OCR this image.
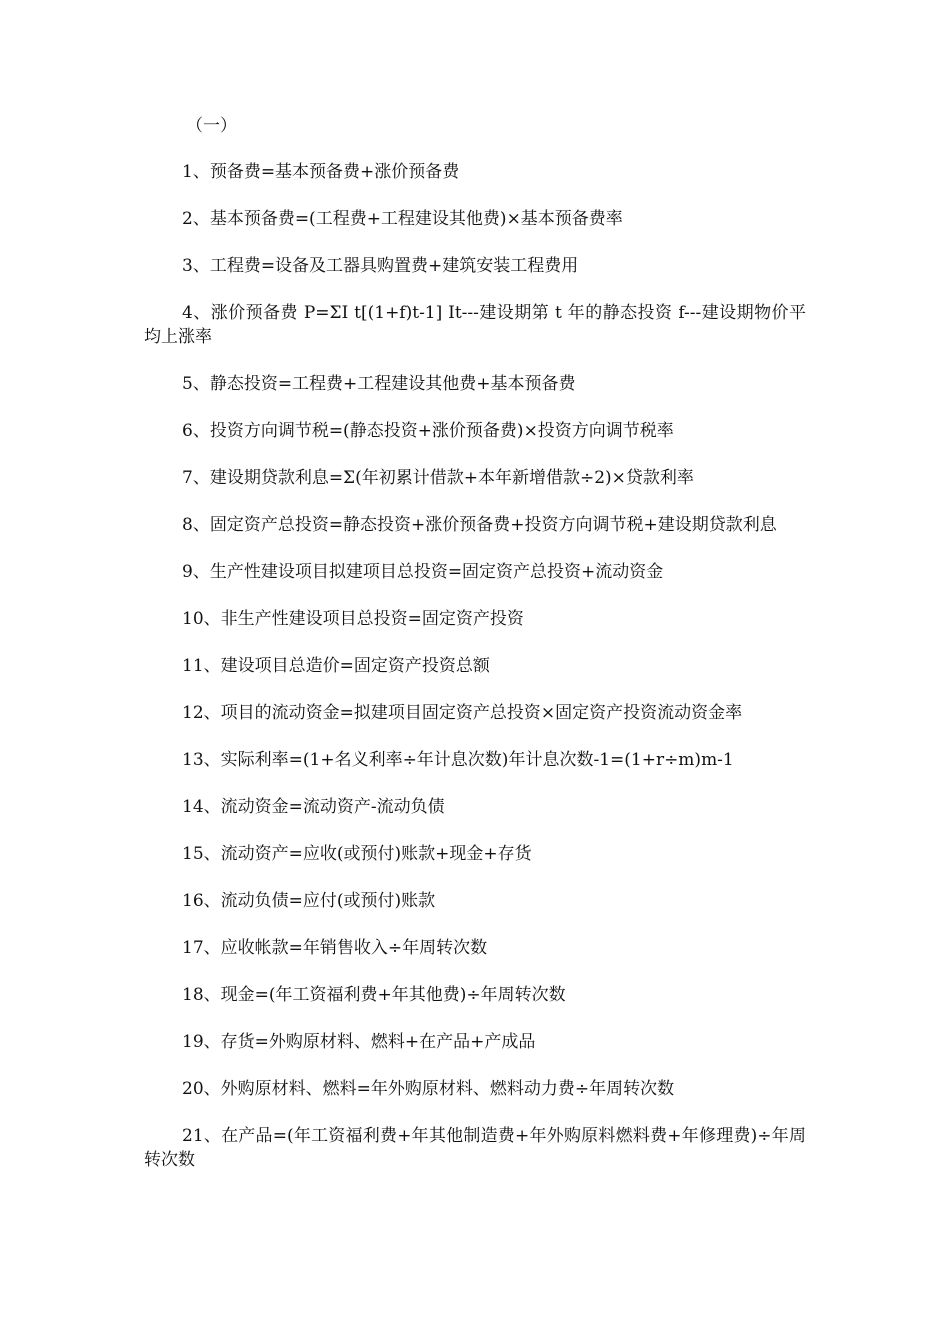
（一）

1、预备费=基本预备费+涨价预备费

2、基本预备费=(工程费+工程建设其他费)×基本预备费率

3、工程费=设备及工器具购置费+建筑安装工程费用

4、涨价预备费 P=ΣI t[(1+f)t-1] It---建设期第 t 年的静态投资 f---建设期物价平均上涨率

5、静态投资=工程费+工程建设其他费+基本预备费

6、投资方向调节税=(静态投资+涨价预备费)×投资方向调节税率

7、建设期贷款利息=Σ(年初累计借款+本年新增借款÷2)×贷款利率

8、固定资产总投资=静态投资+涨价预备费+投资方向调节税+建设期贷款利息

9、生产性建设项目拟建项目总投资=固定资产总投资+流动资金

10、非生产性建设项目总投资=固定资产投资

11、建设项目总造价=固定资产投资总额

12、项目的流动资金=拟建项目固定资产总投资×固定资产投资流动资金率

13、实际利率=(1+名义利率÷年计息次数)年计息次数-1=(1+r÷m)m-1

14、流动资金=流动资产-流动负债

15、流动资产=应收(或预付)账款+现金+存货

16、流动负债=应付(或预付)账款

17、应收帐款=年销售收入÷年周转次数

18、现金=(年工资福利费+年其他费)÷年周转次数

19、存货=外购原材料、燃料+在产品+产成品

20、外购原材料、燃料=年外购原材料、燃料动力费÷年周转次数

21、在产品=(年工资福利费+年其他制造费+年外购原料燃料费+年修理费)÷年周转次数
